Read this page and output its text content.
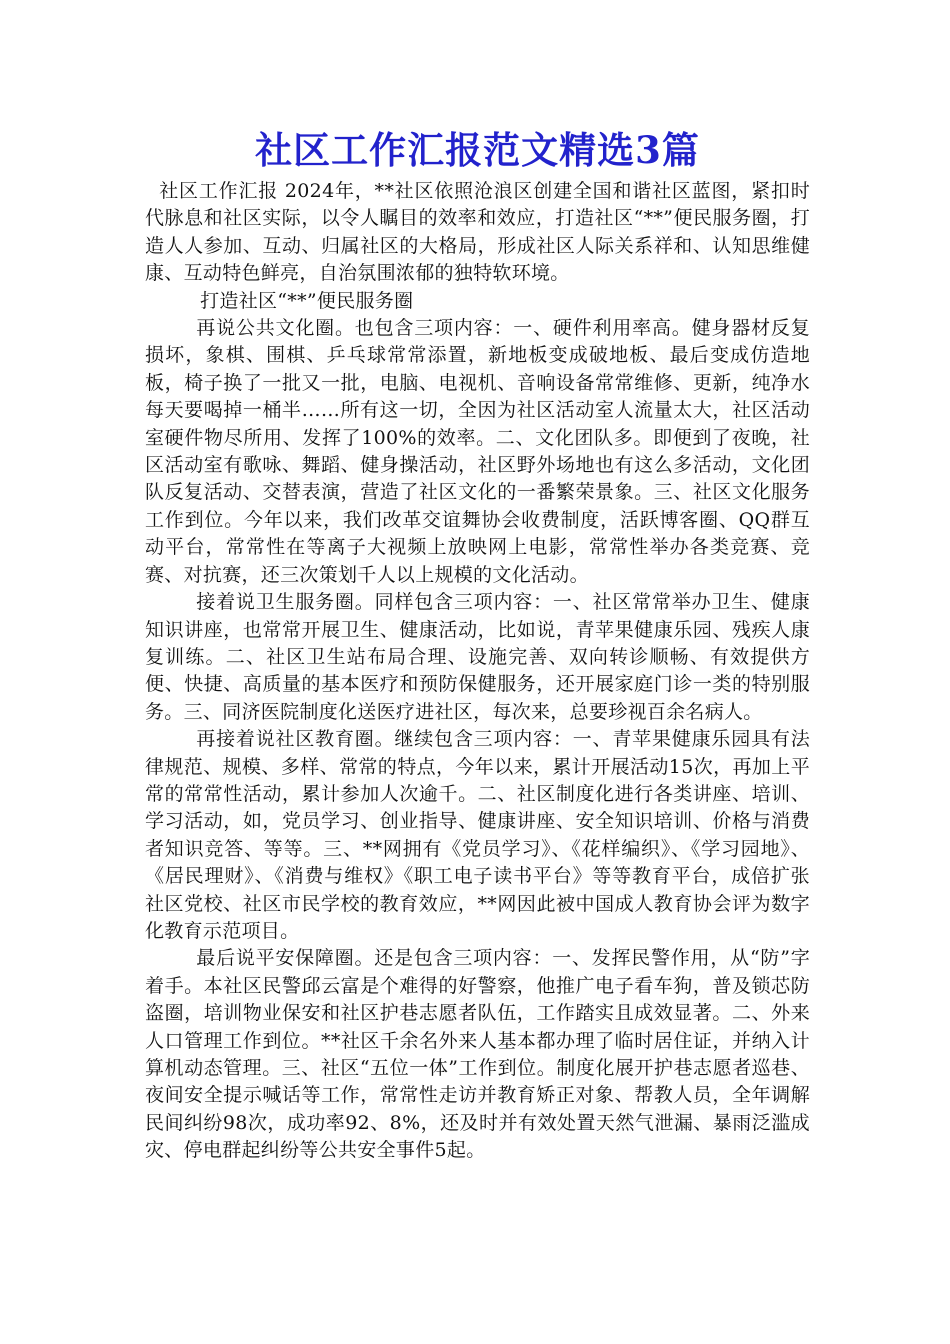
社区工作汇报范文精选3篇

社区工作汇报 2024年，**社区依照沧浪区创建全国和谐社区蓝图，紧扣时代脉息和社区实际，以令人瞩目的效率和效应，打造社区“**”便民服务圈，打造人人参加、互动、归属社区的大格局，形成社区人际关系祥和、认知思维健康、互动特色鲜亮，自治氛围浓郁的独特软环境。

打造社区“**”便民服务圈

再说公共文化圈。也包含三项内容：一、硬件利用率高。健身器材反复损坏，象棋、围棋、乒乓球常常添置，新地板变成破地板、最后变成仿造地板，椅子换了一批又一批，电脑、电视机、音响设备常常维修、更新，纯净水每天要喝掉一桶半……所有这一切，全因为社区活动室人流量太大，社区活动室硬件物尽所用、发挥了100%的效率。二、文化团队多。即便到了夜晚，社区活动室有歌咏、舞蹈、健身操活动，社区野外场地也有这么多活动，文化团队反复活动、交替表演，营造了社区文化的一番繁荣景象。三、社区文化服务工作到位。今年以来，我们改革交谊舞协会收费制度，活跃博客圈、QQ群互动平台，常常性在等离子大视频上放映网上电影，常常性举办各类竞赛、竞赛、对抗赛，还三次策划千人以上规模的文化活动。

接着说卫生服务圈。同样包含三项内容：一、社区常常举办卫生、健康知识讲座，也常常开展卫生、健康活动，比如说，青苹果健康乐园、残疾人康复训练。二、社区卫生站布局合理、设施完善、双向转诊顺畅、有效提供方便、快捷、高质量的基本医疗和预防保健服务，还开展家庭门诊一类的特别服务。三、同济医院制度化送医疗进社区，每次来，总要珍视百余名病人。

再接着说社区教育圈。继续包含三项内容：一、青苹果健康乐园具有法律规范、规模、多样、常常的特点，今年以来，累计开展活动15次，再加上平常的常常性活动，累计参加人次逾千。二、社区制度化进行各类讲座、培训、学习活动，如，党员学习、创业指导、健康讲座、安全知识培训、价格与消费者知识竞答、等等。三、**网拥有《党员学习》、《花样编织》、《学习园地》、《居民理财》、《消费与维权》《职工电子读书平台》等等教育平台，成倍扩张社区党校、社区市民学校的教育效应，**网因此被中国成人教育协会评为数字化教育示范项目。

最后说平安保障圈。还是包含三项内容：一、发挥民警作用，从“防”字着手。本社区民警邱云富是个难得的好警察，他推广电子看车狗，普及锁芯防盗圈，培训物业保安和社区护巷志愿者队伍，工作踏实且成效显著。二、外来人口管理工作到位。**社区千余名外来人基本都办理了临时居住证，并纳入计算机动态管理。三、社区“五位一体”工作到位。制度化展开护巷志愿者巡巷、夜间安全提示喊话等工作，常常性走访并教育矫正对象、帮教人员，全年调解民间纠纷98次，成功率92、8%，还及时并有效处置天然气泄漏、暴雨泛滥成灾、停电群起纠纷等公共安全事件5起。
